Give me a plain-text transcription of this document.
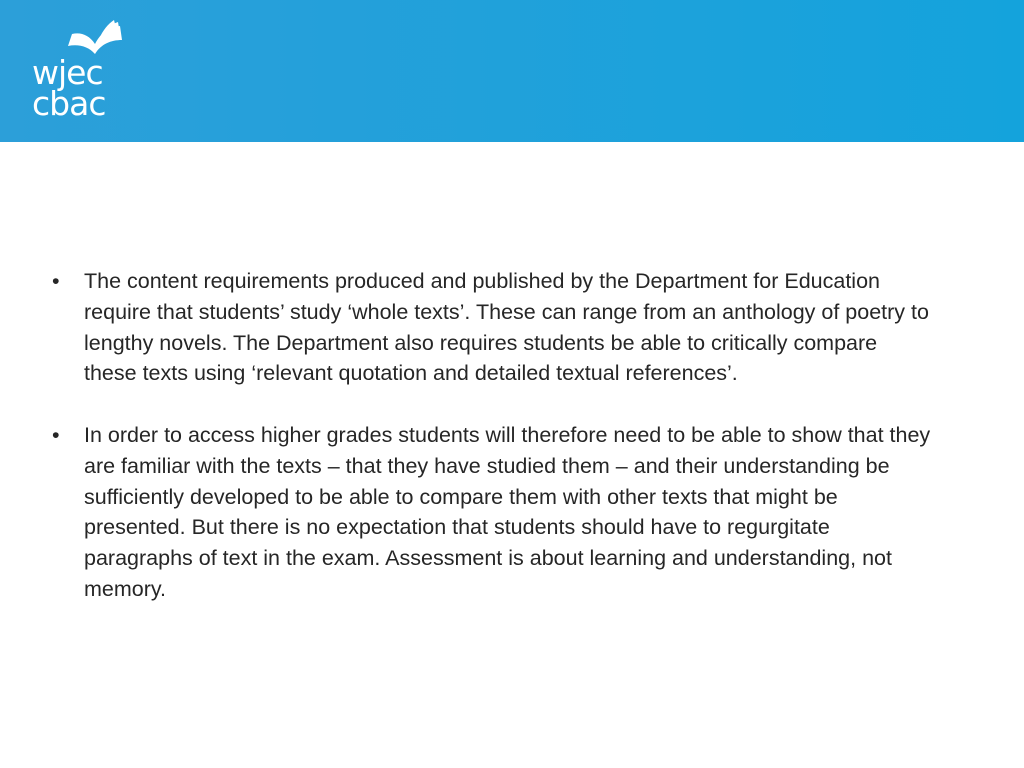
wjec
cbac
•	The content requirements produced and published by the Department for Education require that students’ study ‘whole texts’. These can range from an anthology of poetry to lengthy novels. The Department also requires students be able to critically compare these texts using ‘relevant quotation and detailed textual references’.
•	In order to access higher grades students will therefore need to be able to show that they are familiar with the texts – that they have studied them – and their understanding be sufficiently developed to be able to compare them with other texts that might be presented. But there is no expectation that students should have to regurgitate paragraphs of text in the exam. Assessment is about learning and understanding, not memory.
